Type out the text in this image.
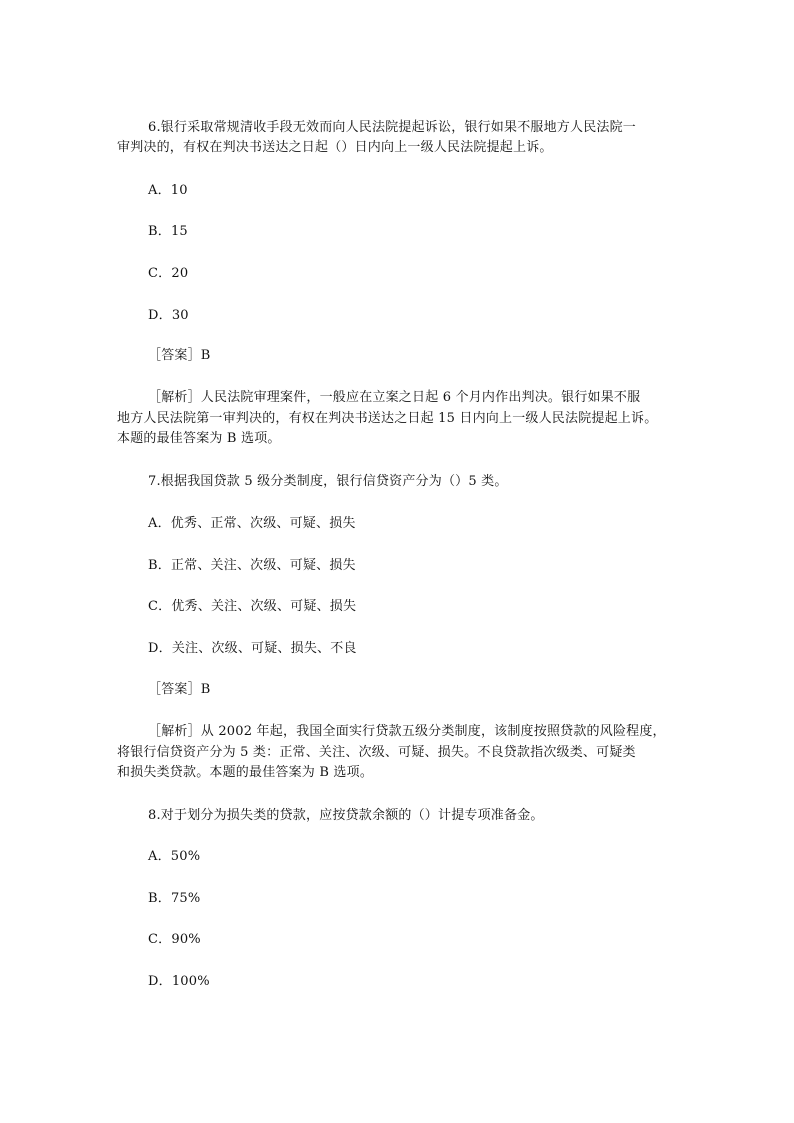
6.银行采取常规清收手段无效而向人民法院提起诉讼，银行如果不服地方人民法院一
审判决的，有权在判决书送达之日起（）日内向上一级人民法院提起上诉。
A．10
B．15
C．20
D．30
［答案］B
［解析］人民法院审理案件，一般应在立案之日起 6 个月内作出判决。银行如果不服
地方人民法院第一审判决的，有权在判决书送达之日起 15 日内向上一级人民法院提起上诉。
本题的最佳答案为 B 选项。
7.根据我国贷款 5 级分类制度，银行信贷资产分为（）5 类。
A．优秀、正常、次级、可疑、损失
B．正常、关注、次级、可疑、损失
C．优秀、关注、次级、可疑、损失
D．关注、次级、可疑、损失、不良
［答案］B
［解析］从 2002 年起，我国全面实行贷款五级分类制度，该制度按照贷款的风险程度，
将银行信贷资产分为 5 类：正常、关注、次级、可疑、损失。不良贷款指次级类、可疑类
和损失类贷款。本题的最佳答案为 B 选项。
8.对于划分为损失类的贷款，应按贷款余额的（）计提专项准备金。
A．50%
B．75%
C．90%
D．100%
